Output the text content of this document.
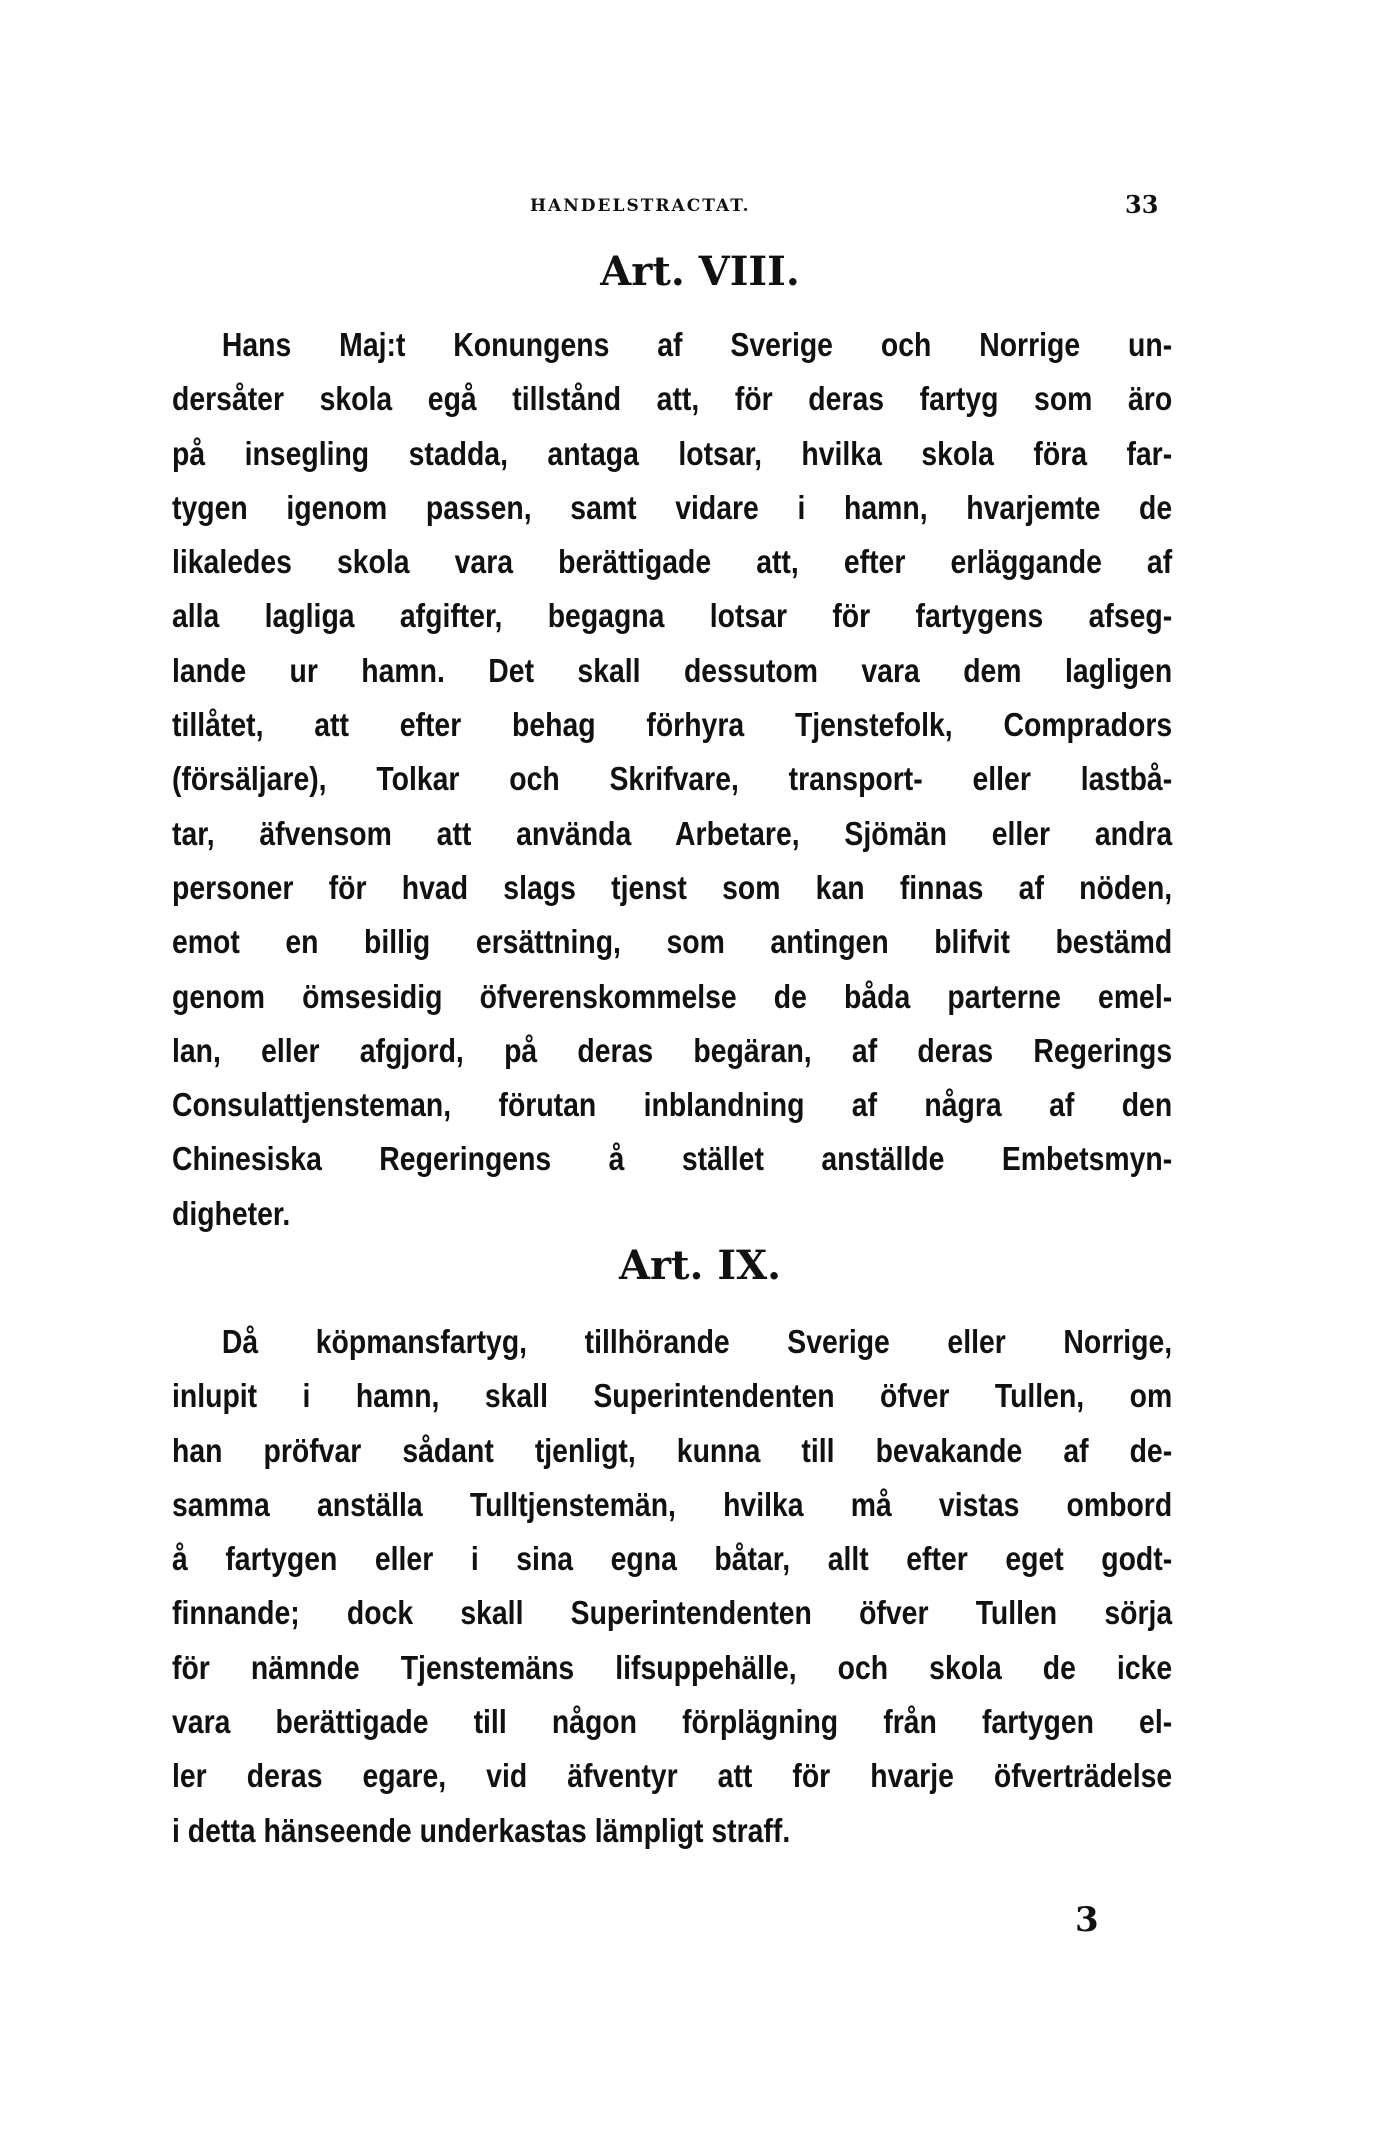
HANDELSTRACTAT.	33
Art. VIII.
Hans Maj:t Konungens af Sverige och Norrige un-
dersåter skola egå tillstånd att, för deras fartyg som äro
på insegling stadda, antaga lotsar, hvilka skola föra far-
tygen igenom passen, samt vidare i hamn, hvarjemte de
likaledes skola vara berättigade att, efter erläggande af
alla lagliga afgifter, begagna lotsar för fartygens afseg-
lande ur hamn. Det skall dessutom vara dem lagligen
tillåtet, att efter behag förhyra Tjenstefolk, Compradors
(försäljare), Tolkar och Skrifvare, transport- eller lastbå-
tar, äfvensom att använda Arbetare, Sjömän eller andra
personer för hvad slags tjenst som kan finnas af nöden,
emot en billig ersättning, som antingen blifvit bestämd
genom ömsesidig öfverenskommelse de båda parterne emel-
lan, eller afgjord, på deras begäran, af deras Regerings
Consulattjensteman, förutan inblandning af några af den
Chinesiska Regeringens å stället anställde Embetsmyn-
digheter.
Art. IX.
Då köpmansfartyg, tillhörande Sverige eller Norrige,
inlupit i hamn, skall Superintendenten öfver Tullen, om
han pröfvar sådant tjenligt, kunna till bevakande af de-
samma anställa Tulltjenstemän, hvilka må vistas ombord
å fartygen eller i sina egna båtar, allt efter eget godt-
finnande; dock skall Superintendenten öfver Tullen sörja
för nämnde Tjenstemäns lifsuppehälle, och skola de icke
vara berättigade till någon förplägning från fartygen el-
ler deras egare, vid äfventyr att för hvarje öfverträdelse
i detta hänseende underkastas lämpligt straff.
3
